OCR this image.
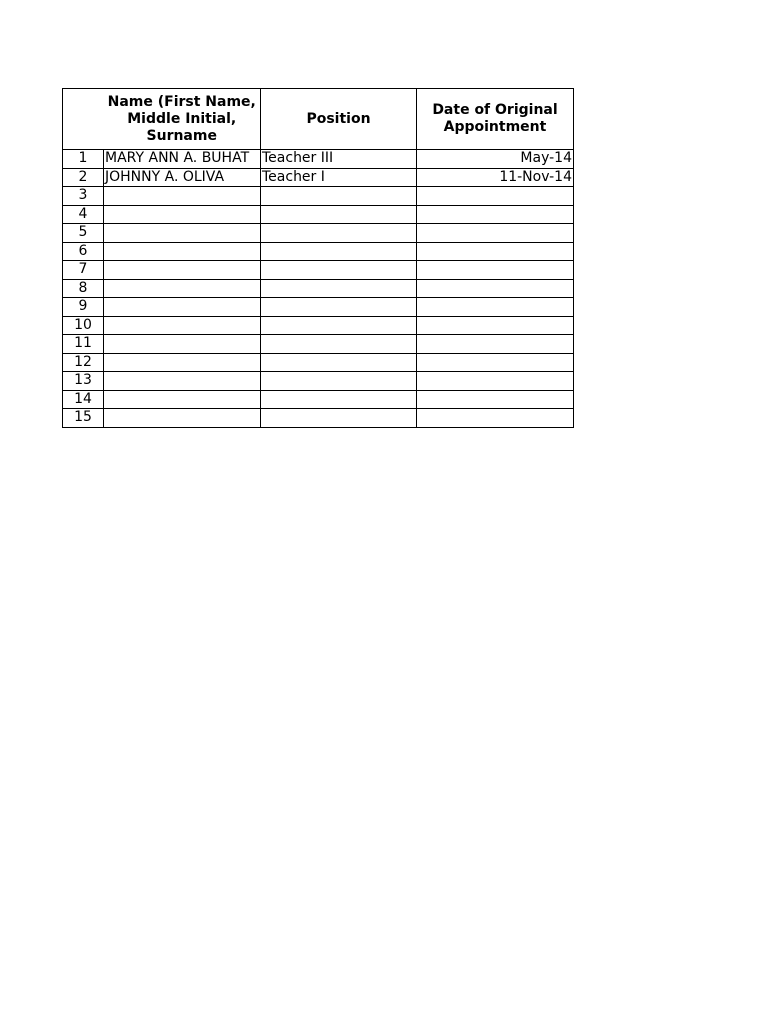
	Name (First Name, Middle Initial, Surname	Position	Date of Original Appointment
1	MARY ANN A. BUHAT	Teacher III	May-14
2	JOHNNY A. OLIVA	Teacher I	11-Nov-14
3			
4			
5			
6			
7			
8			
9			
10			
11			
12			
13			
14			
15			
